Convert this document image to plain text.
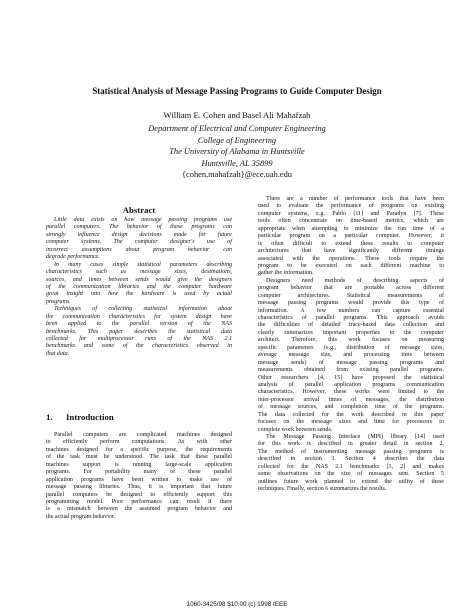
Statistical Analysis of Message Passing Programs to Guide Computer Design
William E. Cohen and Basel Ali Mahafzah
Department of Electrical and Computer Engineering
College of Engineering
The University of Alabama in Huntsville
Huntsville, AL 35899
{cohen,mahafzah}@ece.uah.edu
Abstract
Little data exists on how message passing programs use
parallel computers. The behavior of these programs can
strongly influence design decisions made for future
computer systems. The computer designer's use of
incorrect assumptions about program behavior can
degrade performance.
In many cases simple statistical parameters describing
characteristics such as message sizes, destinations,
sources, and times between sends would give the designers
of the communication libraries and the computer hardware
great insight into how the hardware is used by actual
programs.
Techniques of collecting statistical information about
the communication characteristics for system design have
been applied to the parallel version of the NAS
benchmarks. This paper describes the statistical data
collected for multiprocessor runs of the NAS 2.1
benchmarks and some of the characteristics observed in
that data.
1. Introduction
Parallel computers are complicated machines designed
to efficiently perform computations. As with other
machines designed for a specific purpose, the requirements
of the task must be understood. The task that these parallel
machines support is running large-scale application
programs. For portability many of these parallel
application programs have been written to make use of
message passing libraries. Thus, it is important that future
parallel computers be designed to efficiently support this
programming model. Poor performance can result if there
is a mismatch between the assumed program behavior and
the actual program behavior.
There are a number of performance tools that have been
used to evaluate the performance of programs on existing
computer systems, e.g. Pablo [11] and Paradyn [7]. These
tools often concentrate on time-based metrics, which are
appropriate when attempting to minimize the run time of a
particular program on a particular computer. However, it
is often difficult to extend these results to computer
architectures that have significantly different timings
associated with the operations. These tools require the
program to be executed on each different machine to
gather the information.
Designers need methods of describing aspects of
program behavior that are portable across different
computer architectures. Statistical measurements of
message passing programs would provide this type of
information. A few numbers can capture essential
characteristics of parallel programs. This approach avoids
the difficulties of detailed trace-based data collection and
clearly summarizes important properties to the computer
architect. Therefore, this work focuses on measuring
specific parameters (e.g., distribution of message sizes,
average message size, and processing time between
message sends) of message passing programs and
measurements obtained from existing parallel programs.
Other researchers [4, 15] have proposed the statistical
analysis of parallel application programs communication
characteristics. However, these works were limited to the
inter-processor arrival times of messages, the distribution
of message sources, and completion time of the programs.
The data collected for the work described in this paper
focuses on the message sizes and time for processors to
complete work between sends.
The Message Passing Interface (MPI) library [14] used
for this work is described in greater detail in section 2.
The method of instrumenting message passing programs is
described in section 3. Section 4 describes the data
collected for the NAS 2.1 benchmarks [1, 2] and makes
some observations on the size of messages sent. Section 5
outlines future work planned to extend the utility of these
techniques. Finally, section 6 summarizes the results.
1060-3425/98 $10.00 (c) 1998 IEEE
